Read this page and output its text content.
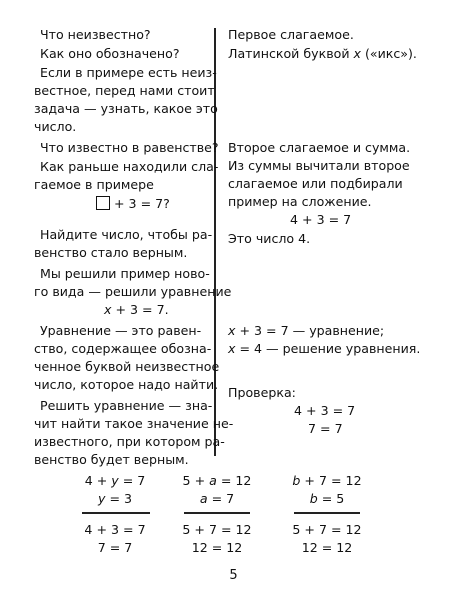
Что неизвестно?
Как оно обозначено?
Если в примере есть неиз-
вестное, перед нами стоит
задача — узнать, какое это
число.
Что известно в равенстве?
Как раньше находили сла-
гаемое в примере
+ 3 = 7?
Найдите число, чтобы ра-
венство стало верным.
Мы решили пример ново-
го вида — решили уравнение
x + 3 = 7.
Уравнение — это равен-
ство, содержащее обозна-
ченное буквой неизвестное
число, которое надо найти.
Решить уравнение — зна-
чит найти такое значение не-
известного, при котором ра-
венство будет верным.
Первое слагаемое.
Латинской буквой x («икс»).
Второе слагаемое и сумма.
Из суммы вычитали второе
слагаемое или подбирали
пример на сложение.
4 + 3 = 7
Это число 4.
x + 3 = 7 — уравнение;
x = 4 — решение уравнения.
Проверка:
4 + 3 = 7
7 = 7
4 + y = 7
y = 3
4 + 3 = 7
7 = 7
5 + a = 12
a = 7
5 + 7 = 12
12 = 12
b + 7 = 12
b = 5
5 + 7 = 12
12 = 12
5
